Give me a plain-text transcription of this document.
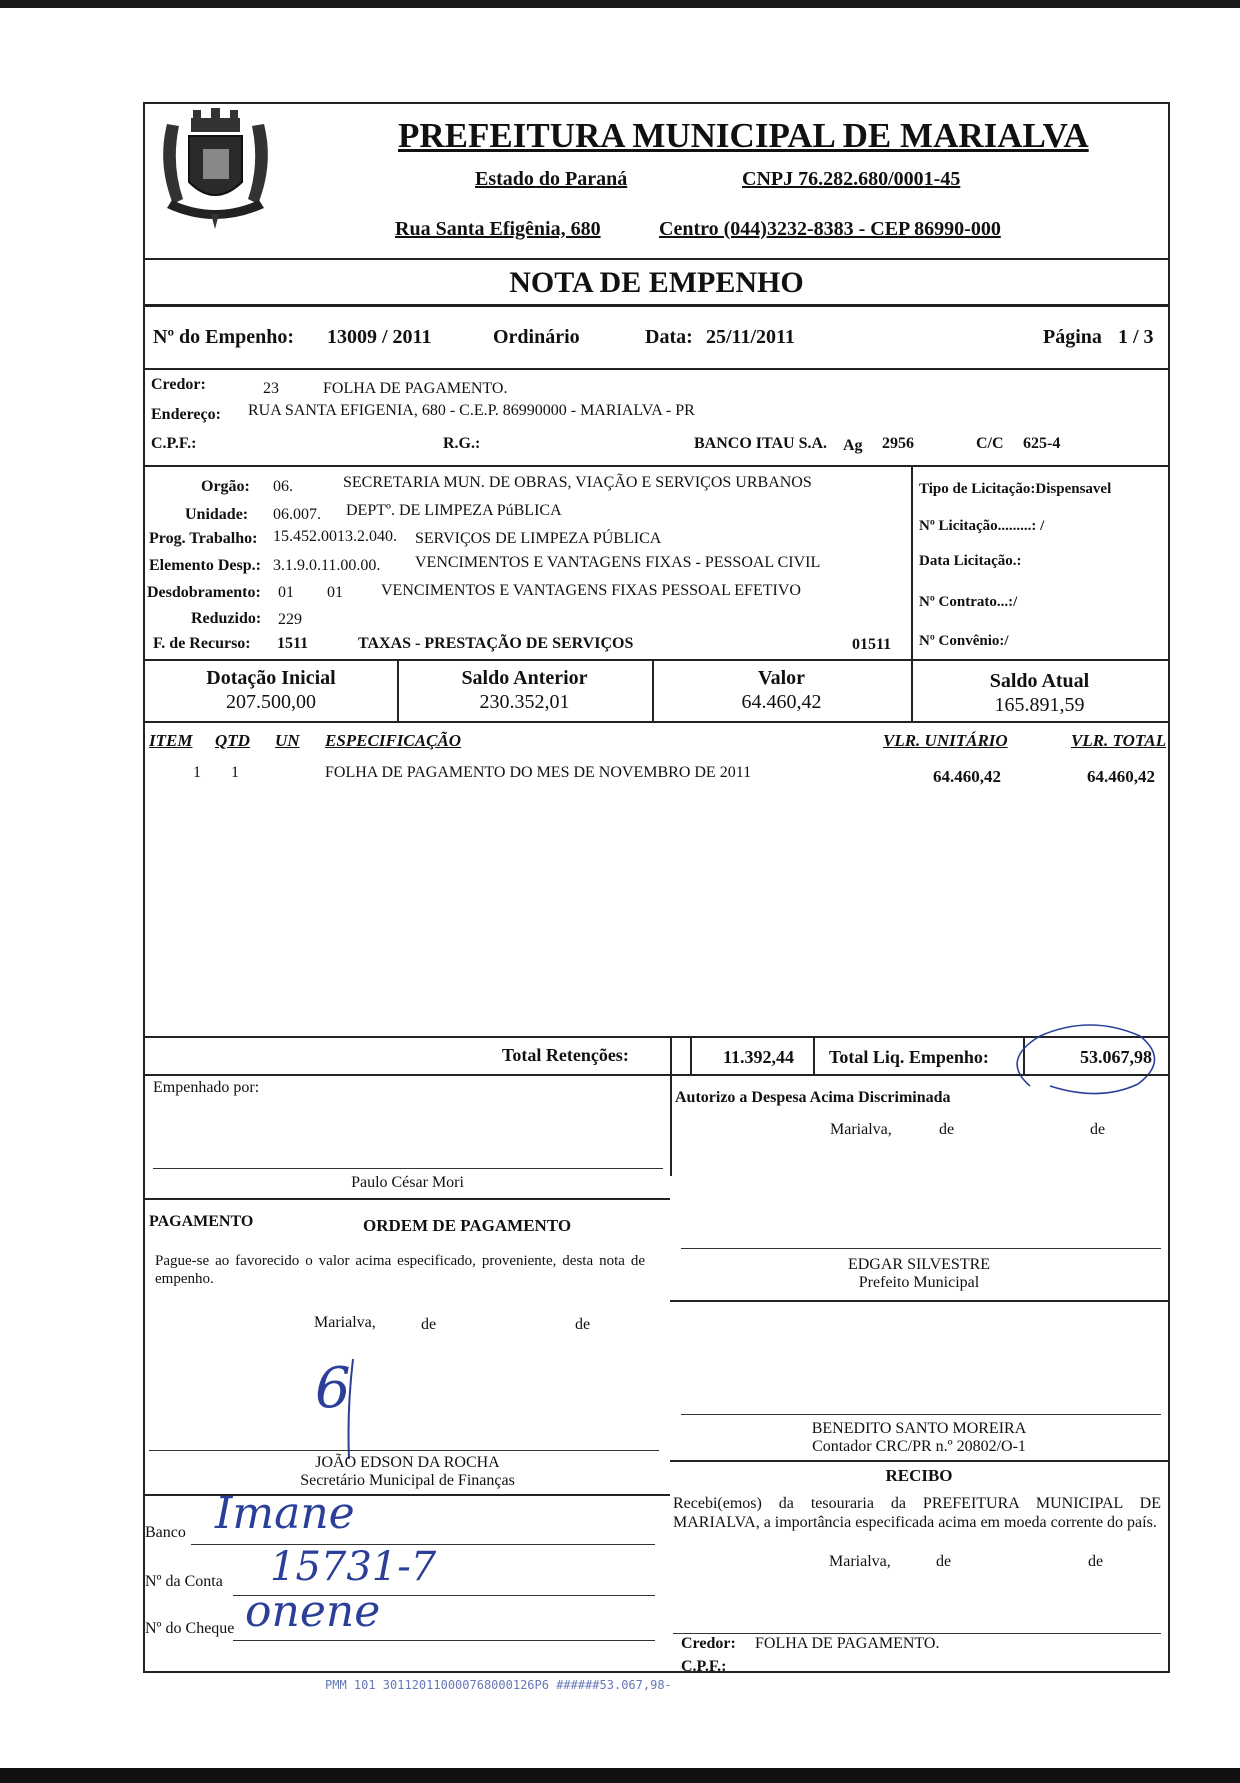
PREFEITURA MUNICIPAL DE MARIALVA
Estado do Paraná	CNPJ 76.282.680/0001-45
Rua Santa Efigênia, 680	Centro (044)3232-8383 - CEP 86990-000
NOTA DE EMPENHO
Nº do Empenho: 13009 / 2011	Ordinário	Data: 25/11/2011	Página 1 / 3
Credor:	23	FOLHA DE PAGAMENTO.
Endereço: RUA SANTA EFIGENIA, 680 - C.E.P. 86990000 - MARIALVA - PR
C.P.F.:	R.G.:	BANCO ITAU S.A. Ag 2956	C/C 625-4
Orgão: 06.	SECRETARIA MUN. DE OBRAS, VIAÇÃO E SERVIÇOS URBANOS
Unidade: 06.007. DEPTº. DE LIMPEZA PúBLICA
Prog. Trabalho: 15.452.0013.2.040. SERVIÇOS DE LIMPEZA PÚBLICA
Elemento Desp.: 3.1.9.0.11.00.00. VENCIMENTOS E VANTAGENS FIXAS - PESSOAL CIVIL
Desdobramento: 01 01 VENCIMENTOS E VANTAGENS FIXAS PESSOAL EFETIVO
Reduzido: 229
F. de Recurso: 1511	TAXAS - PRESTAÇÃO DE SERVIÇOS	01511
Tipo de Licitação:Dispensavel
Nº Licitação.........: /
Data Licitação.:
Nº Contrato...:/
Nº Convênio:/
Dotação Inicial
207.500,00
Saldo Anterior
230.352,01
Valor
64.460,42
Saldo Atual
165.891,59
ITEM QTD UN ESPECIFICAÇÃO	VLR. UNITÁRIO	VLR. TOTAL
1 1	FOLHA DE PAGAMENTO DO MES DE NOVEMBRO DE 2011	64.460,42	64.460,42
Total Retenções:	11.392,44 Total Liq. Empenho:	53.067,98
Empenhado por:
Paulo César Mori
Autorizo a Despesa Acima Discriminada
Marialva,	de	de
PAGAMENTO	ORDEM DE PAGAMENTO
Pague-se ao favorecido o valor acima especificado, proveniente, desta nota de empenho.
Marialva,	de	de
6
JOÃO EDSON DA ROCHA
Secretário Municipal de Finanças
Banco Imane
Nº da Conta 15731-7
Nº do Cheque onene
EDGAR SILVESTRE
Prefeito Municipal
BENEDITO SANTO MOREIRA
Contador CRC/PR n.º 20802/O-1
RECIBO
Recebi(emos) da tesouraria da PREFEITURA MUNICIPAL DE MARIALVA, a importância especificada acima em moeda corrente do país.
Marialva,	de	de
Credor: FOLHA DE PAGAMENTO.
C.P.F.:
PMM 101 301120110000768000126P6 ######53.067,98-
